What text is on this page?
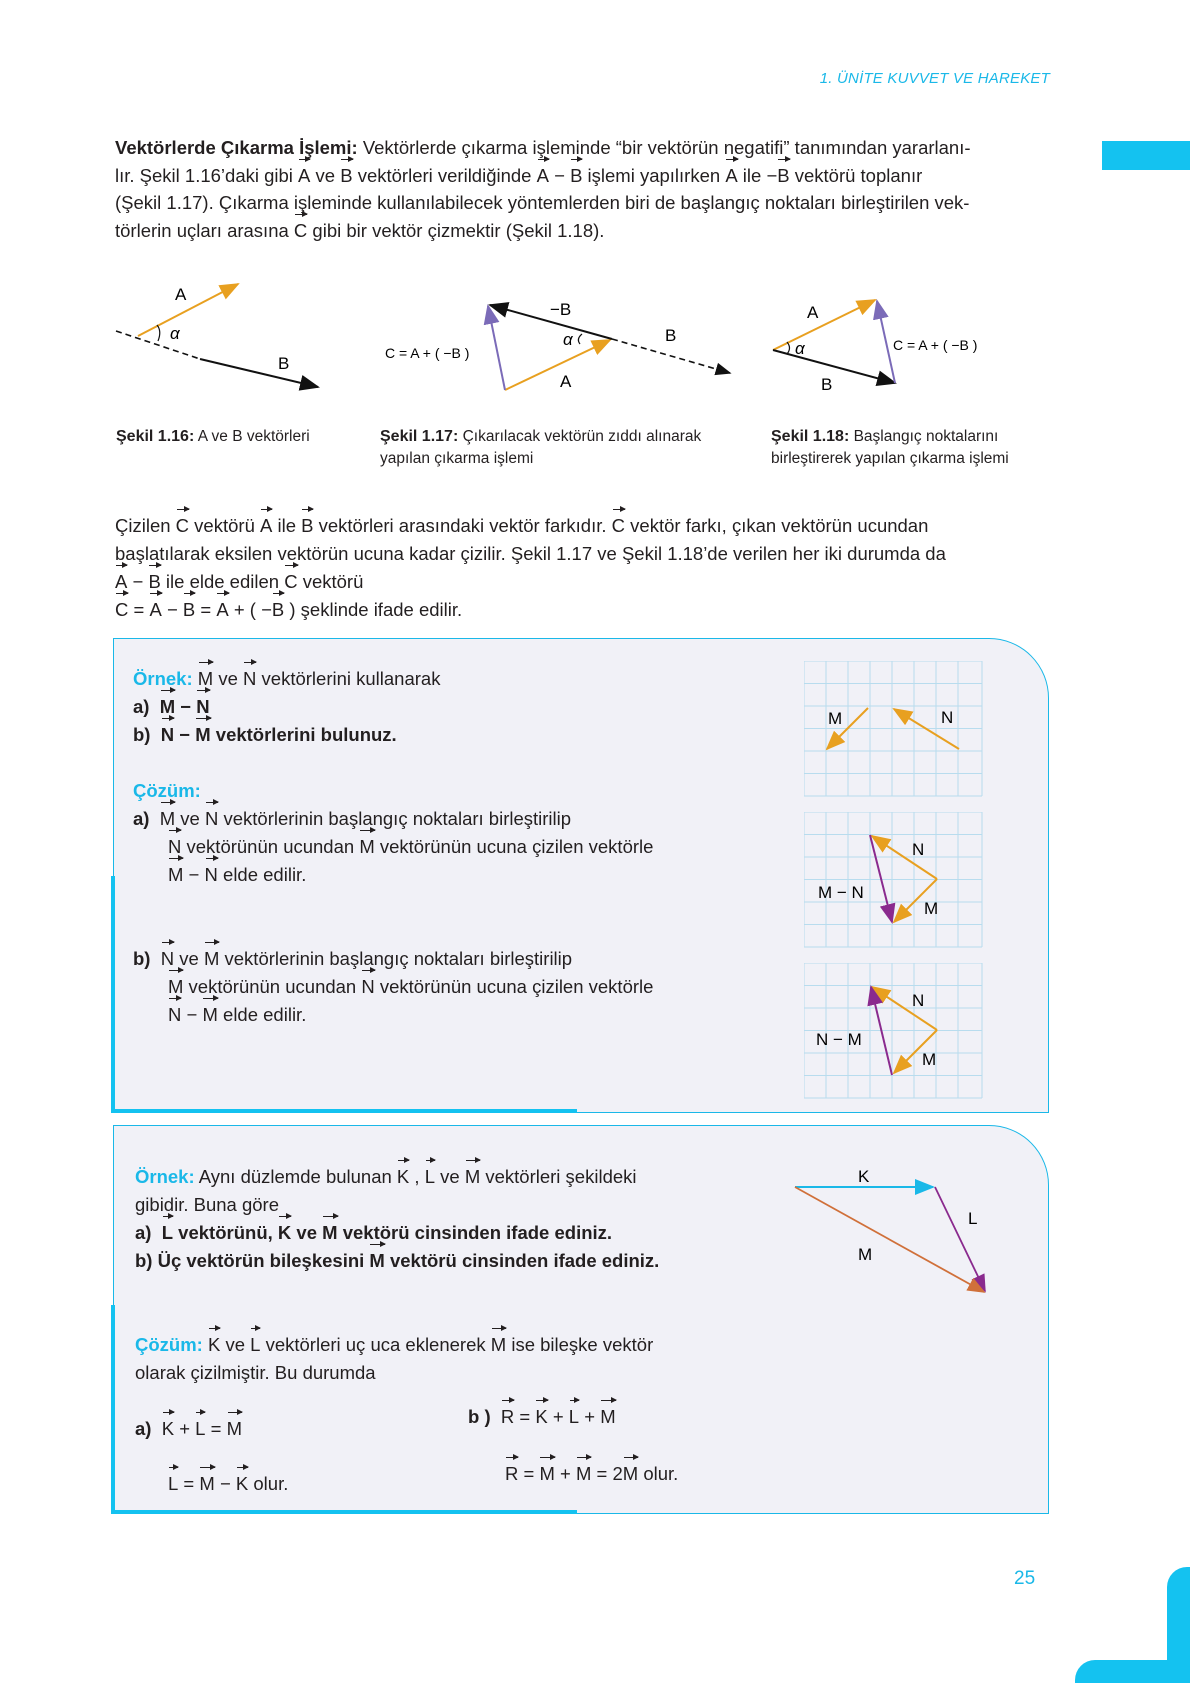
1. ÜNİTE KUVVET VE HAREKET
Vektörlerde Çıkarma İşlemi: Vektörlerde çıkarma işleminde “bir vektörün negatifi” tanımından yararlanı-
lır. Şekil 1.16’daki gibi A ve B vektörleri verildiğinde A − B işlemi yapılırken A ile −B vektörü toplanır
(Şekil 1.17). Çıkarma işleminde kullanılabilecek yöntemlerden biri de başlangıç noktaları birleştirilen vek-
törlerin uçları arasına C gibi bir vektör çizmektir (Şekil 1.18).
α
A
B
−B
α
A
B
C = A + ( −B )	α
A
B
C = A + ( −B )
Şekil 1.16: A ve B vektörleri	Şekil 1.17: Çıkarılacak vektörün zıddı alınarak yapılan çıkarma işlemi
Şekil 1.18: Başlangıç noktalarını birleştirerek yapılan çıkarma işlemi
Çizilen C vektörü A ile B vektörleri arasındaki vektör farkıdır. C vektör farkı, çıkan vektörün ucundan
başlatılarak eksilen vektörün ucuna kadar çizilir. Şekil 1.17 ve Şekil 1.18’de verilen her iki durumda da
A − B ile elde edilen C vektörü
C = A − B = A + ( −B ) şeklinde ifade edilir.
Örnek: M ve N vektörlerini kullanarak
a) M − N
b) N − M vektörlerini bulunuz.
Çözüm:
a) M ve N vektörlerinin başlangıç noktaları birleştirilip
N vektörünün ucundan M vektörünün ucuna çizilen vektörle
M − N elde edilir.
b) N ve M vektörlerinin başlangıç noktaları birleştirilip
M vektörünün ucundan N vektörünün ucuna çizilen vektörle
N − M elde edilir.
M	N
N
M
M − N
N
M
N − M
Örnek: Aynı düzlemde bulunan K , L ve M vektörleri şekildeki
gibidir. Buna göre
a) L vektörünü, K ve M vektörü cinsinden ifade ediniz.
b) Üç vektörün bileşkesini M vektörü cinsinden ifade ediniz.
K
L
M
Çözüm: K ve L vektörleri uç uca eklenerek M ise bileşke vektör
olarak çizilmiştir. Bu durumda
a) K + L = M
L = M − K olur.
b ) R = K + L + M
R = M + M = 2M olur.
25
